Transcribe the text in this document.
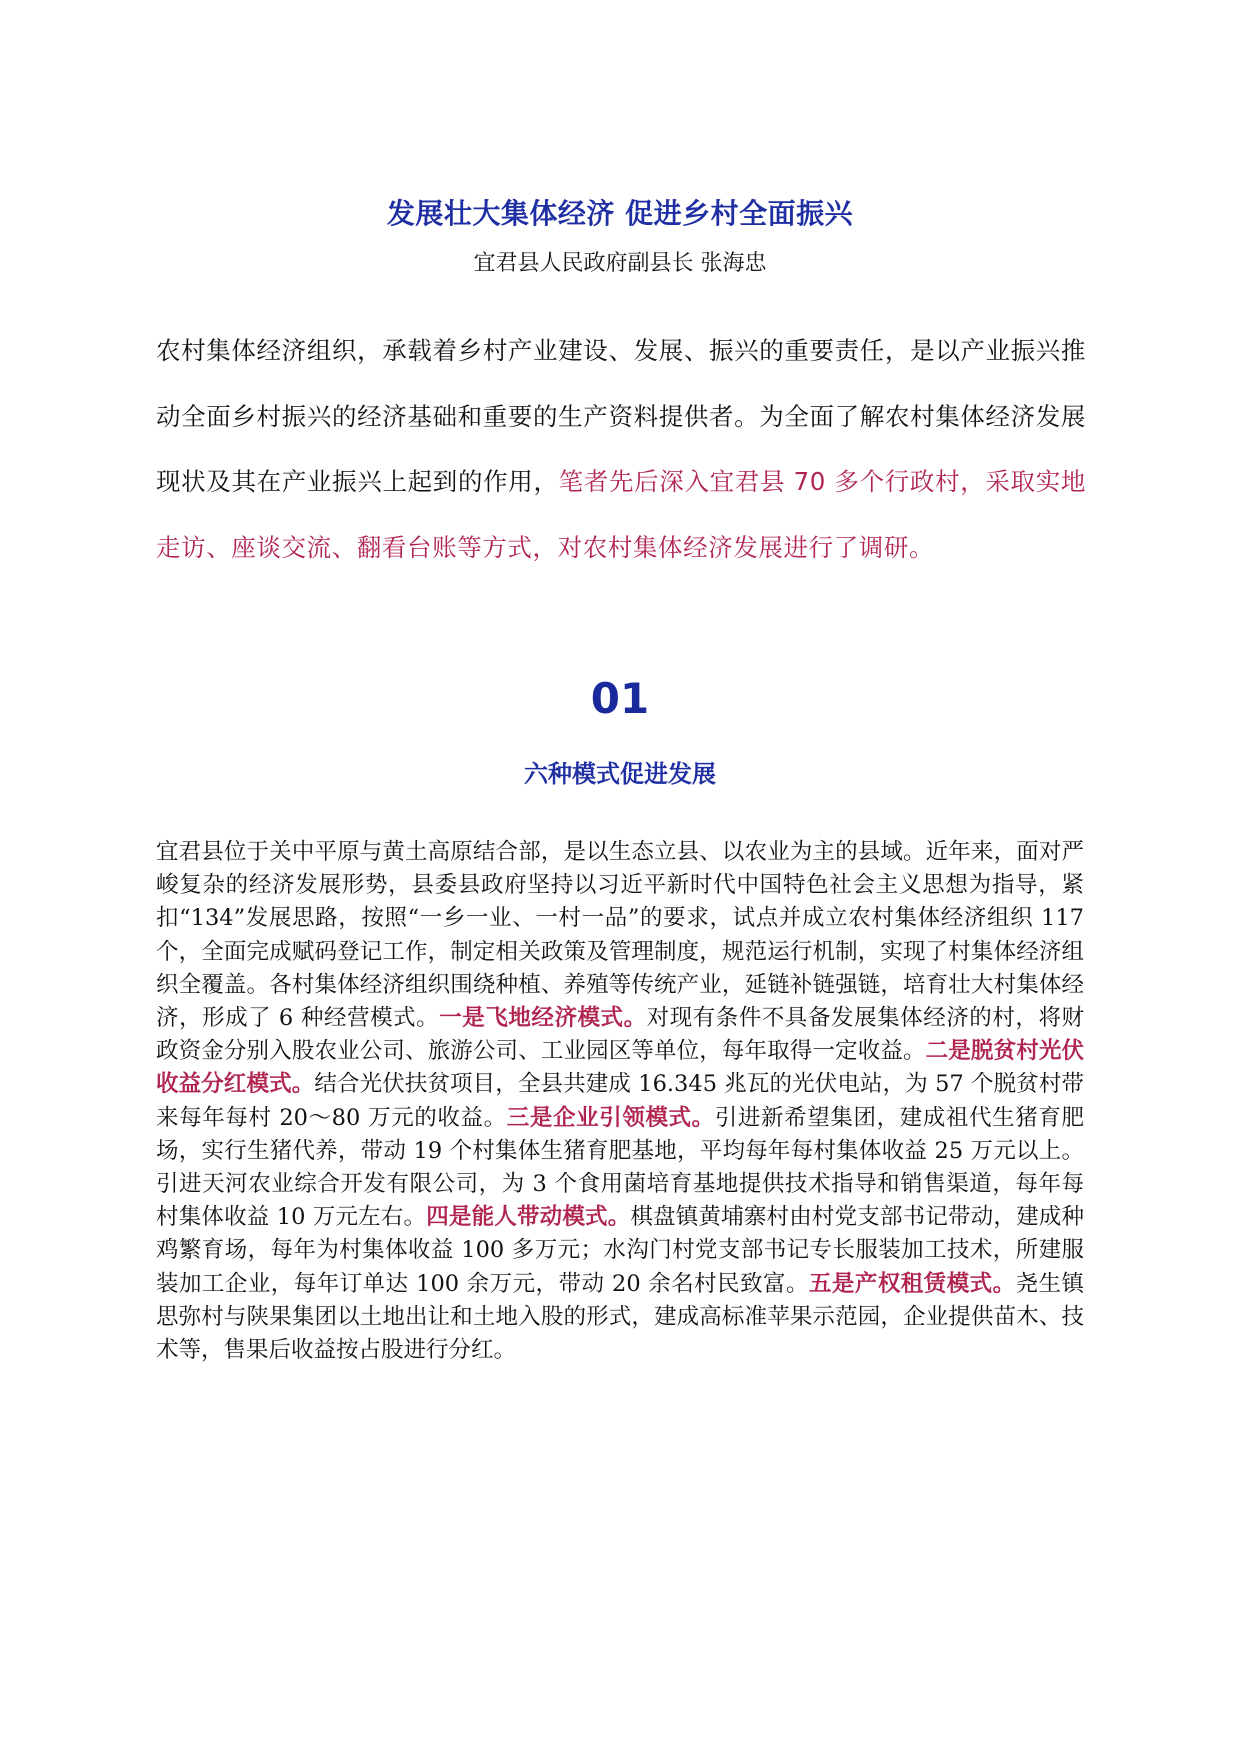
发展壮大集体经济 促进乡村全面振兴
宜君县人民政府副县长 张海忠
农村集体经济组织，承载着乡村产业建设、发展、振兴的重要责任，是以产业振兴推动全面乡村振兴的经济基础和重要的生产资料提供者。为全面了解农村集体经济发展现状及其在产业振兴上起到的作用，笔者先后深入宜君县 70 多个行政村，采取实地走访、座谈交流、翻看台账等方式，对农村集体经济发展进行了调研。
01
六种模式促进发展
宜君县位于关中平原与黄土高原结合部，是以生态立县、以农业为主的县域。近年来，面对严峻复杂的经济发展形势，县委县政府坚持以习近平新时代中国特色社会主义思想为指导，紧扣“134”发展思路，按照“一乡一业、一村一品”的要求，试点并成立农村集体经济组织 117 个，全面完成赋码登记工作，制定相关政策及管理制度，规范运行机制，实现了村集体经济组织全覆盖。各村集体经济组织围绕种植、养殖等传统产业，延链补链强链，培育壮大村集体经济，形成了 6 种经营模式。一是飞地经济模式。对现有条件不具备发展集体经济的村，将财政资金分别入股农业公司、旅游公司、工业园区等单位，每年取得一定收益。二是脱贫村光伏收益分红模式。结合光伏扶贫项目，全县共建成 16.345 兆瓦的光伏电站，为 57 个脱贫村带来每年每村 20～80 万元的收益。三是企业引领模式。引进新希望集团，建成祖代生猪育肥场，实行生猪代养，带动 19 个村集体生猪育肥基地，平均每年每村集体收益 25 万元以上。引进天河农业综合开发有限公司，为 3 个食用菌培育基地提供技术指导和销售渠道，每年每村集体收益 10 万元左右。四是能人带动模式。棋盘镇黄埔寨村由村党支部书记带动，建成种鸡繁育场，每年为村集体收益 100 多万元；水沟门村党支部书记专长服装加工技术，所建服装加工企业，每年订单达 100 余万元，带动 20 余名村民致富。五是产权租赁模式。尧生镇思弥村与陕果集团以土地出让和土地入股的形式，建成高标准苹果示范园，企业提供苗木、技术等，售果后收益按占股进行分红。
